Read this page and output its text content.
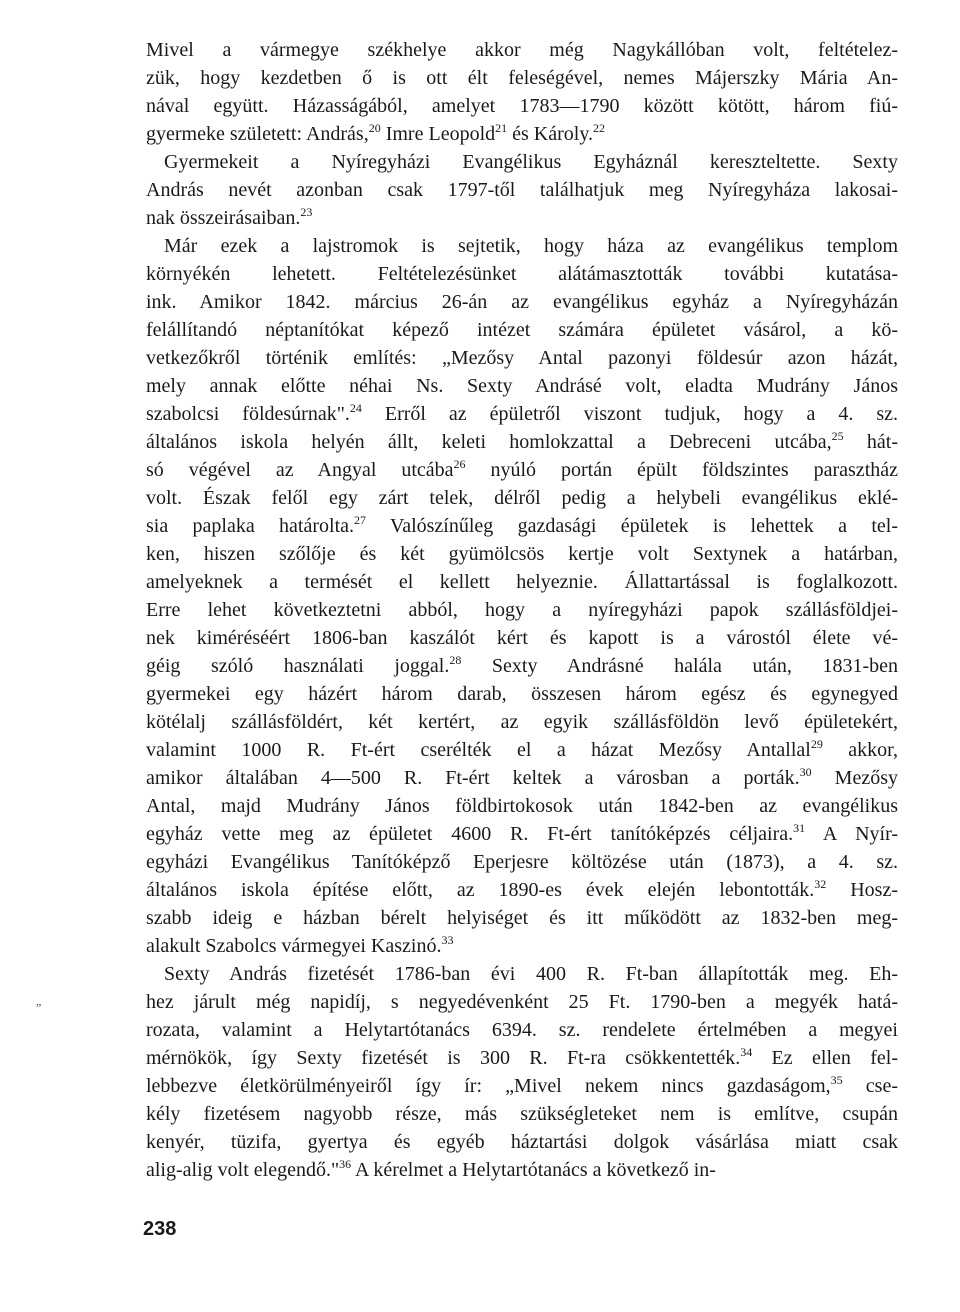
Mivel a vármegye székhelye akkor még Nagykállóban volt, feltételez-
zük, hogy kezdetben ő is ott élt feleségével, nemes Májerszky Mária An-
nával együtt. Házasságából, amelyet 1783—1790 között kötött, három fiú-
gyermeke született: András,$^{20}$ Imre Leopold$^{21}$ és Károly.$^{22}$
Gyermekeit a Nyíregyházi Evangélikus Egyháznál kereszteltette. Sexty
András nevét azonban csak 1797-től találhatjuk meg Nyíregyháza lakosai-
nak összeirásaiban.$^{23}$
Már ezek a lajstromok is sejtetik, hogy háza az evangélikus templom
környékén lehetett. Feltételezésünket alátámasztották további kutatása-
ink. Amikor 1842. március 26-án az evangélikus egyház a Nyíregyházán
felállítandó néptanítókat képező intézet számára épületet vásárol, a kö-
vetkezőkről történik említés: „Mezősy Antal pazonyi földesúr azon házát,
mely annak előtte néhai Ns. Sexty Andrásé volt, eladta Mudrány János
szabolcsi földesúrnak".$^{24}$ Erről az épületről viszont tudjuk, hogy a 4. sz.
általános iskola helyén állt, keleti homlokzattal a Debreceni utcába,$^{25}$ hát-
só végével az Angyal utcába$^{26}$ nyúló portán épült földszintes parasztház
volt. Észak felől egy zárt telek, délről pedig a helybeli evangélikus eklé-
sia paplaka határolta.$^{27}$ Valószínűleg gazdasági épületek is lehettek a tel-
ken, hiszen szőlője és két gyümölcsös kertje volt Sextynek a határban,
amelyeknek a termését el kellett helyeznie. Állattartással is foglalkozott.
Erre lehet következtetni abból, hogy a nyíregyházi papok szállásföldjei-
nek kiméréséért 1806-ban kaszálót kért és kapott is a várostól élete vé-
géig szóló használati joggal.$^{28}$ Sexty Andrásné halála után, 1831-ben
gyermekei egy házért három darab, összesen három egész és egynegyed
kötélalj szállásföldért, két kertért, az egyik szállásföldön levő épületekért,
valamint 1000 R. Ft-ért cserélték el a házat Mezősy Antallal$^{29}$ akkor,
amikor általában 4—500 R. Ft-ért keltek a városban a porták.$^{30}$ Mezősy
Antal, majd Mudrány János földbirtokosok után 1842-ben az evangélikus
egyház vette meg az épületet 4600 R. Ft-ért tanítóképzés céljaira.$^{31}$ A Nyír-
egyházi Evangélikus Tanítóképző Eperjesre költözése után (1873), a 4. sz.
általános iskola építése előtt, az 1890-es évek elején lebontották.$^{32}$ Hosz-
szabb ideig e házban bérelt helyiséget és itt működött az 1832-ben meg-
alakult Szabolcs vármegyei Kaszinó.$^{33}$
Sexty András fizetését 1786-ban évi 400 R. Ft-ban állapították meg. Eh-
hez járult még napidíj, s negyedévenként 25 Ft. 1790-ben a megyék hatá-
rozata, valamint a Helytartótanács 6394. sz. rendelete értelmében a megyei
mérnökök, így Sexty fizetését is 300 R. Ft-ra csökkentették.$^{34}$ Ez ellen fel-
lebbezve életkörülményeiről így ír: „Mivel nekem nincs gazdaságom,$^{35}$ cse-
kély fizetésem nagyobb része, más szükségleteket nem is említve, csupán
kenyér, tüzifa, gyertya és egyéb háztartási dolgok vásárlása miatt csak
alig-alig volt elegendő."$^{36}$ A kérelmet a Helytartótanács a következő in-
„
238
